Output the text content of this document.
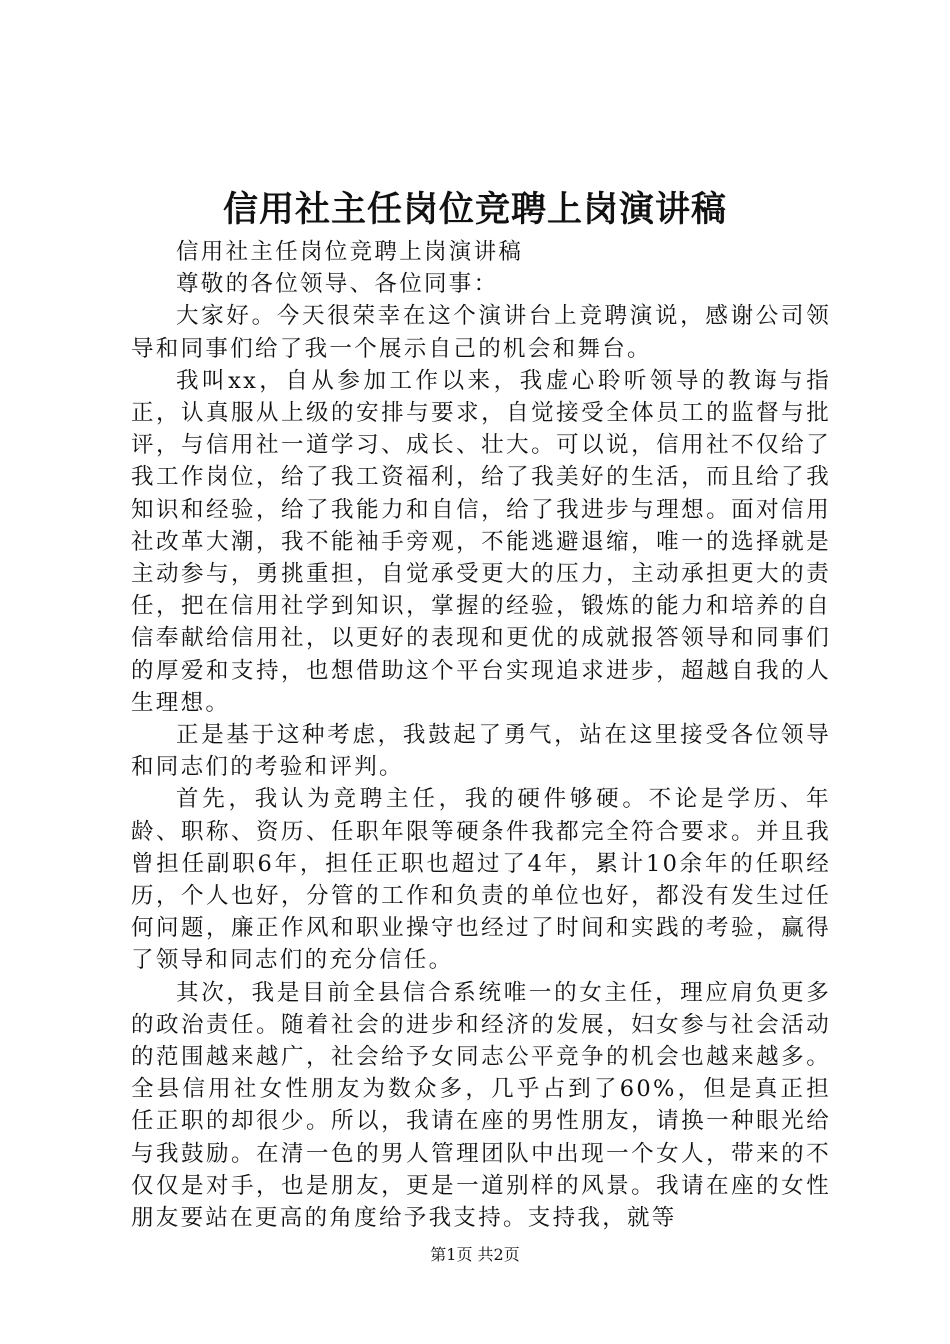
信用社主任岗位竞聘上岗演讲稿

信用社主任岗位竞聘上岗演讲稿

尊敬的各位领导、各位同事：

大家好。今天很荣幸在这个演讲台上竞聘演说，感谢公司领导和同事们给了我一个展示自己的机会和舞台。

我叫xx，自从参加工作以来，我虚心聆听领导的教诲与指正，认真服从上级的安排与要求，自觉接受全体员工的监督与批评，与信用社一道学习、成长、壮大。可以说，信用社不仅给了我工作岗位，给了我工资福利，给了我美好的生活，而且给了我知识和经验，给了我能力和自信，给了我进步与理想。面对信用社改革大潮，我不能袖手旁观，不能逃避退缩，唯一的选择就是主动参与，勇挑重担，自觉承受更大的压力，主动承担更大的责任，把在信用社学到知识，掌握的经验，锻炼的能力和培养的自信奉献给信用社，以更好的表现和更优的成就报答领导和同事们的厚爱和支持，也想借助这个平台实现追求进步，超越自我的人生理想。

正是基于这种考虑，我鼓起了勇气，站在这里接受各位领导和同志们的考验和评判。

首先，我认为竞聘主任，我的硬件够硬。不论是学历、年龄、职称、资历、任职年限等硬条件我都完全符合要求。并且我曾担任副职6年，担任正职也超过了4年，累计10余年的任职经历，个人也好，分管的工作和负责的单位也好，都没有发生过任何问题，廉正作风和职业操守也经过了时间和实践的考验，赢得了领导和同志们的充分信任。

其次，我是目前全县信合系统唯一的女主任，理应肩负更多的政治责任。随着社会的进步和经济的发展，妇女参与社会活动的范围越来越广，社会给予女同志公平竞争的机会也越来越多。全县信用社女性朋友为数众多，几乎占到了60%，但是真正担任正职的却很少。所以，我请在座的男性朋友，请换一种眼光给与我鼓励。在清一色的男人管理团队中出现一个女人，带来的不仅仅是对手，也是朋友，更是一道别样的风景。我请在座的女性朋友要站在更高的角度给予我支持。支持我，就等

第1页 共2页
